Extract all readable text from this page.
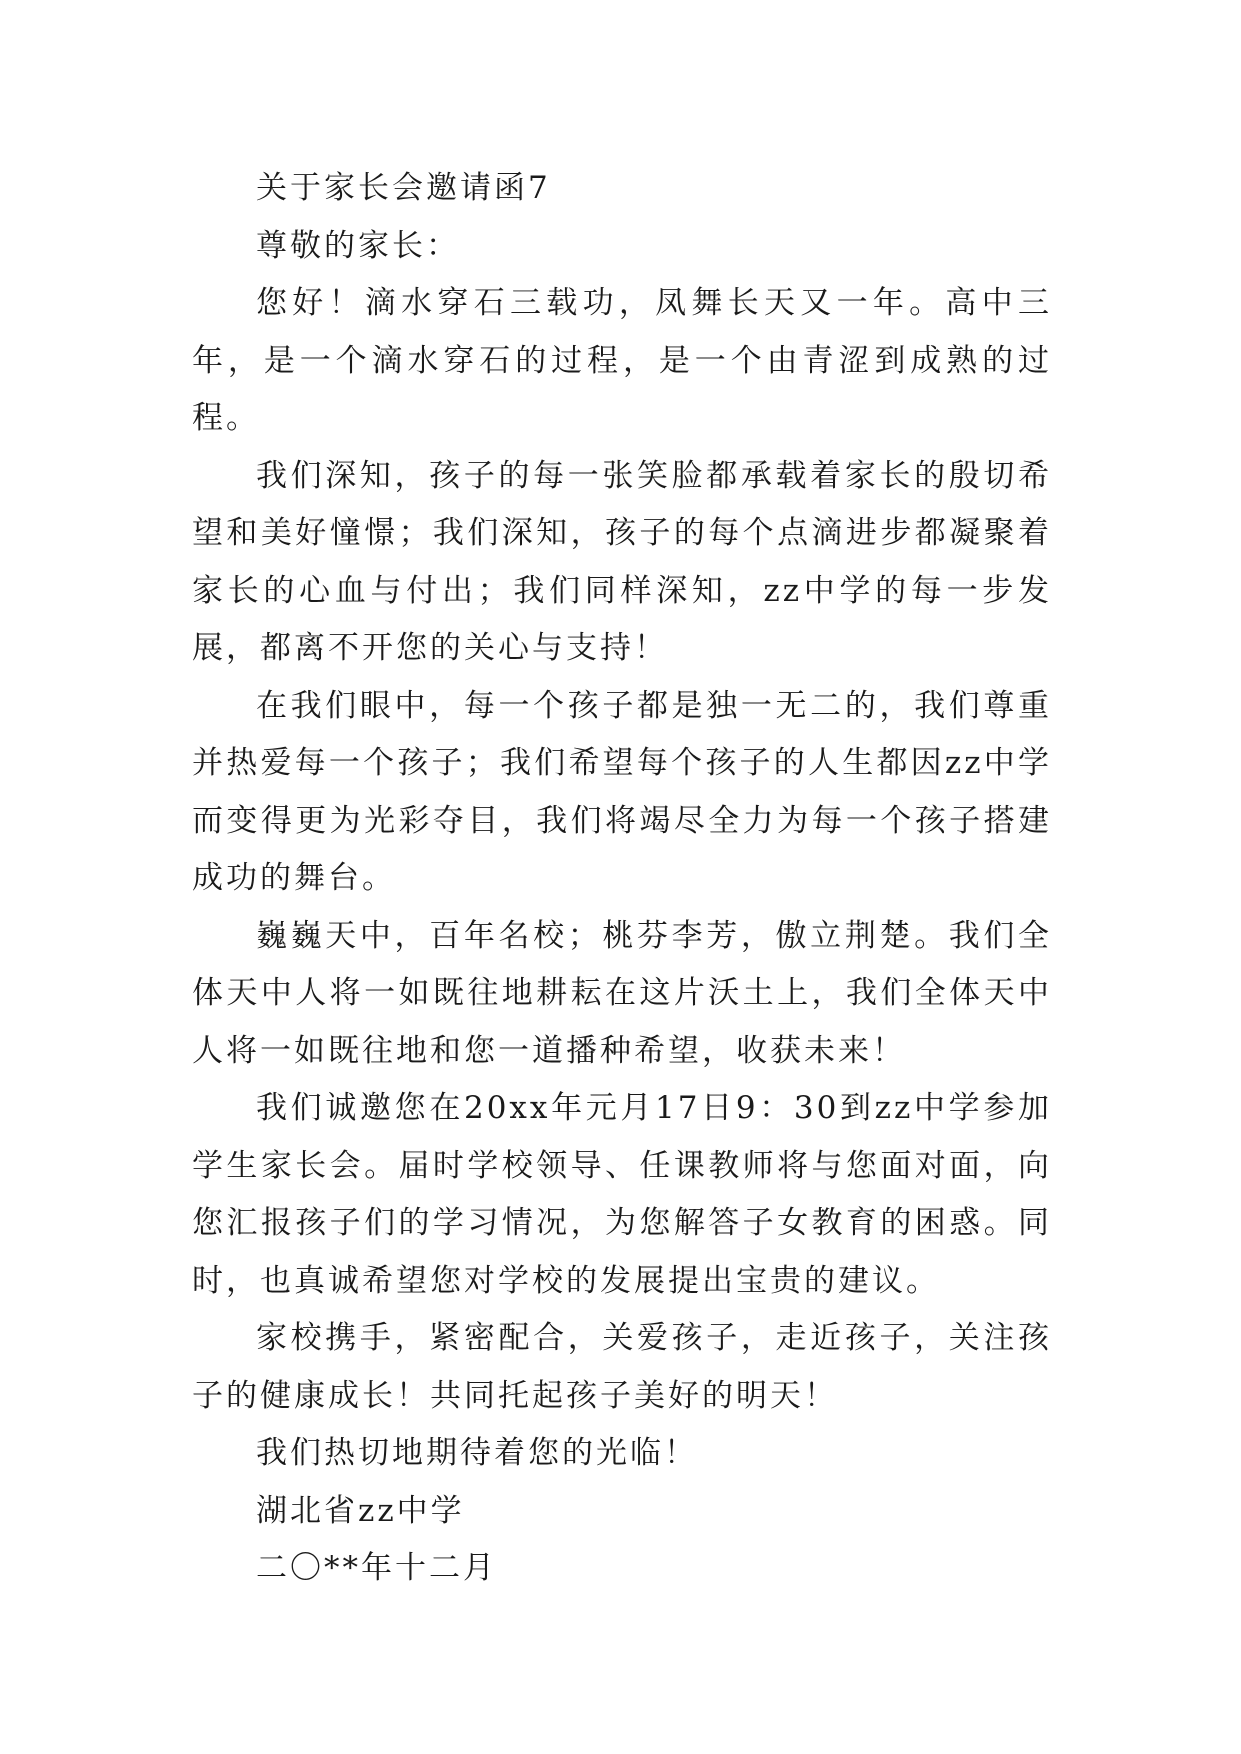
关于家长会邀请函7

尊敬的家长：

您好！滴水穿石三载功，凤舞长天又一年。高中三年，是一个滴水穿石的过程，是一个由青涩到成熟的过程。

我们深知，孩子的每一张笑脸都承载着家长的殷切希望和美好憧憬；我们深知，孩子的每个点滴进步都凝聚着家长的心血与付出；我们同样深知，zz中学的每一步发展，都离不开您的关心与支持！

在我们眼中，每一个孩子都是独一无二的，我们尊重并热爱每一个孩子；我们希望每个孩子的人生都因zz中学而变得更为光彩夺目，我们将竭尽全力为每一个孩子搭建成功的舞台。

巍巍天中，百年名校；桃芬李芳，傲立荆楚。我们全体天中人将一如既往地耕耘在这片沃土上，我们全体天中人将一如既往地和您一道播种希望，收获未来！

我们诚邀您在20xx年元月17日9：30到zz中学参加学生家长会。届时学校领导、任课教师将与您面对面，向您汇报孩子们的学习情况，为您解答子女教育的困惑。同时，也真诚希望您对学校的发展提出宝贵的建议。

家校携手，紧密配合，关爱孩子，走近孩子，关注孩子的健康成长！共同托起孩子美好的明天！

我们热切地期待着您的光临！

湖北省zz中学

二〇**年十二月
